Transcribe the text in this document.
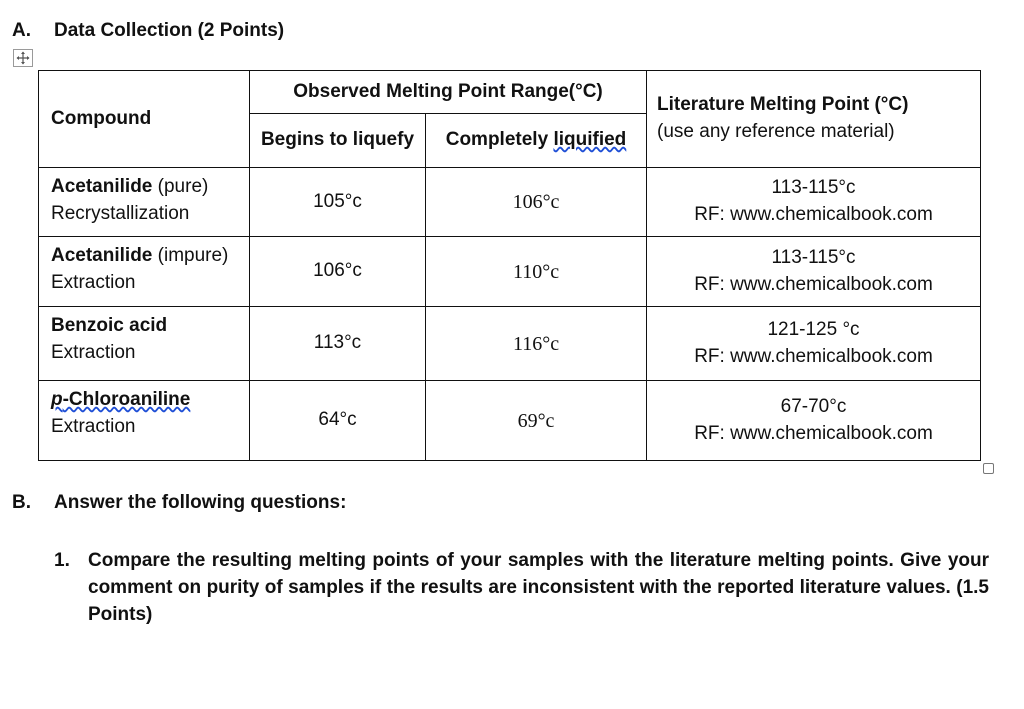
A. Data Collection (2 Points)
Compound	Observed Melting Point Range(°C)		Literature Melting Point (°C)
(use any reference material)

	Begins to liquefy	Completely liquified	
Acetanilide (pure)
Recrystallization	105°c	106°c	113-115°c
RF: www.chemicalbook.com

Acetanilide (impure)
Extraction	106°c	110°c	113-115°c
RF: www.chemicalbook.com

Benzoic acid
Extraction	113°c	116°c	121-125 °c
RF: www.chemicalbook.com

p-Chloroaniline
Extraction	64°c	69°c	67-70°c
RF: www.chemicalbook.com
B. Answer the following questions:
1. Compare the resulting melting points of your samples with the literature melting points. Give your comment on purity of samples if the results are inconsistent with the reported literature values. (1.5 Points)
